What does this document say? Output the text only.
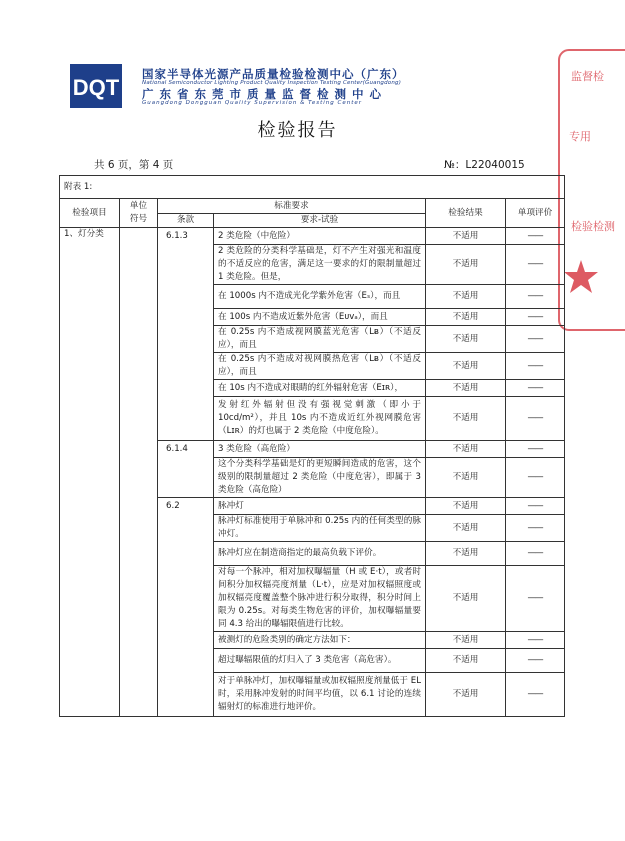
DQT
国家半导体光源产品质量检验检测中心（广东）
National Semiconductor Lighting Product Quality Inspection Testing Center(Guangdong)
广东省东莞市质量监督检测中心
Guangdong Dongguan Quality Supervision & Testing Center
检验报告
共 6 页，第 4 页	№：L22040015
监督检
专用
检验检测
附表 1:					
检验项目	单位
符号	标准要求		检验结果	单项评价
		条款	要求-试验		
1、灯分类		6.1.3	2 类危险（中危险）	不适用	——
			2 类危险的分类科学基础是，灯不产生对强光和温度的不适反应的危害，满足这一要求的灯的限制量超过 1 类危险。但是，	不适用	——
			在 1000s 内不造成光化学紫外危害（Eₛ），而且	不适用	——
			在 100s 内不造成近紫外危害（Eᴜᴠₐ），而且	不适用	——
			在 0.25s 内不造成视网膜蓝光危害（Lᴃ）（不适反应），而且	不适用	——
			在 0.25s 内不造成对视网膜热危害（Lᴃ）（不适反应），而且	不适用	——
			在 10s 内不造成对眼睛的红外辐射危害（Eɪʀ），	不适用	——
			发射红外辐射但没有强视觉刺激（即小于 10cd/m²），并且 10s 内不造成近红外视网膜危害（Lɪʀ）的灯也属于 2 类危险（中度危险）。	不适用	——
		6.1.4	3 类危险（高危险）	不适用	——
			这个分类科学基础是灯的更短瞬间造成的危害，这个级别的限制量超过 2 类危险（中度危害），即属于 3 类危险（高危险）	不适用	——
		6.2	脉冲灯	不适用	——
			脉冲灯标准使用于单脉冲和 0.25s 内的任何类型的脉冲灯。	不适用	——
			脉冲灯应在制造商指定的最高负载下评价。	不适用	——
			对每一个脉冲，相对加权曝辐量（H 或 E·t），或者时间积分加权辐亮度剂量（L·t），应是对加权辐照度或加权辐亮度覆盖整个脉冲进行积分取得，积分时间上限为 0.25s。对每类生物危害的评价，加权曝辐量要同 4.3 给出的曝辐限值进行比较。	不适用	——
			被测灯的危险类别的确定方法如下：	不适用	——
			超过曝辐限值的灯归入了 3 类危害（高危害）。	不适用	——
			对于单脉冲灯，加权曝辐量或加权辐照度剂量低于 EL 时，采用脉冲发射的时间平均值，以 6.1 讨论的连续辐射灯的标准进行地评价。	不适用	——
